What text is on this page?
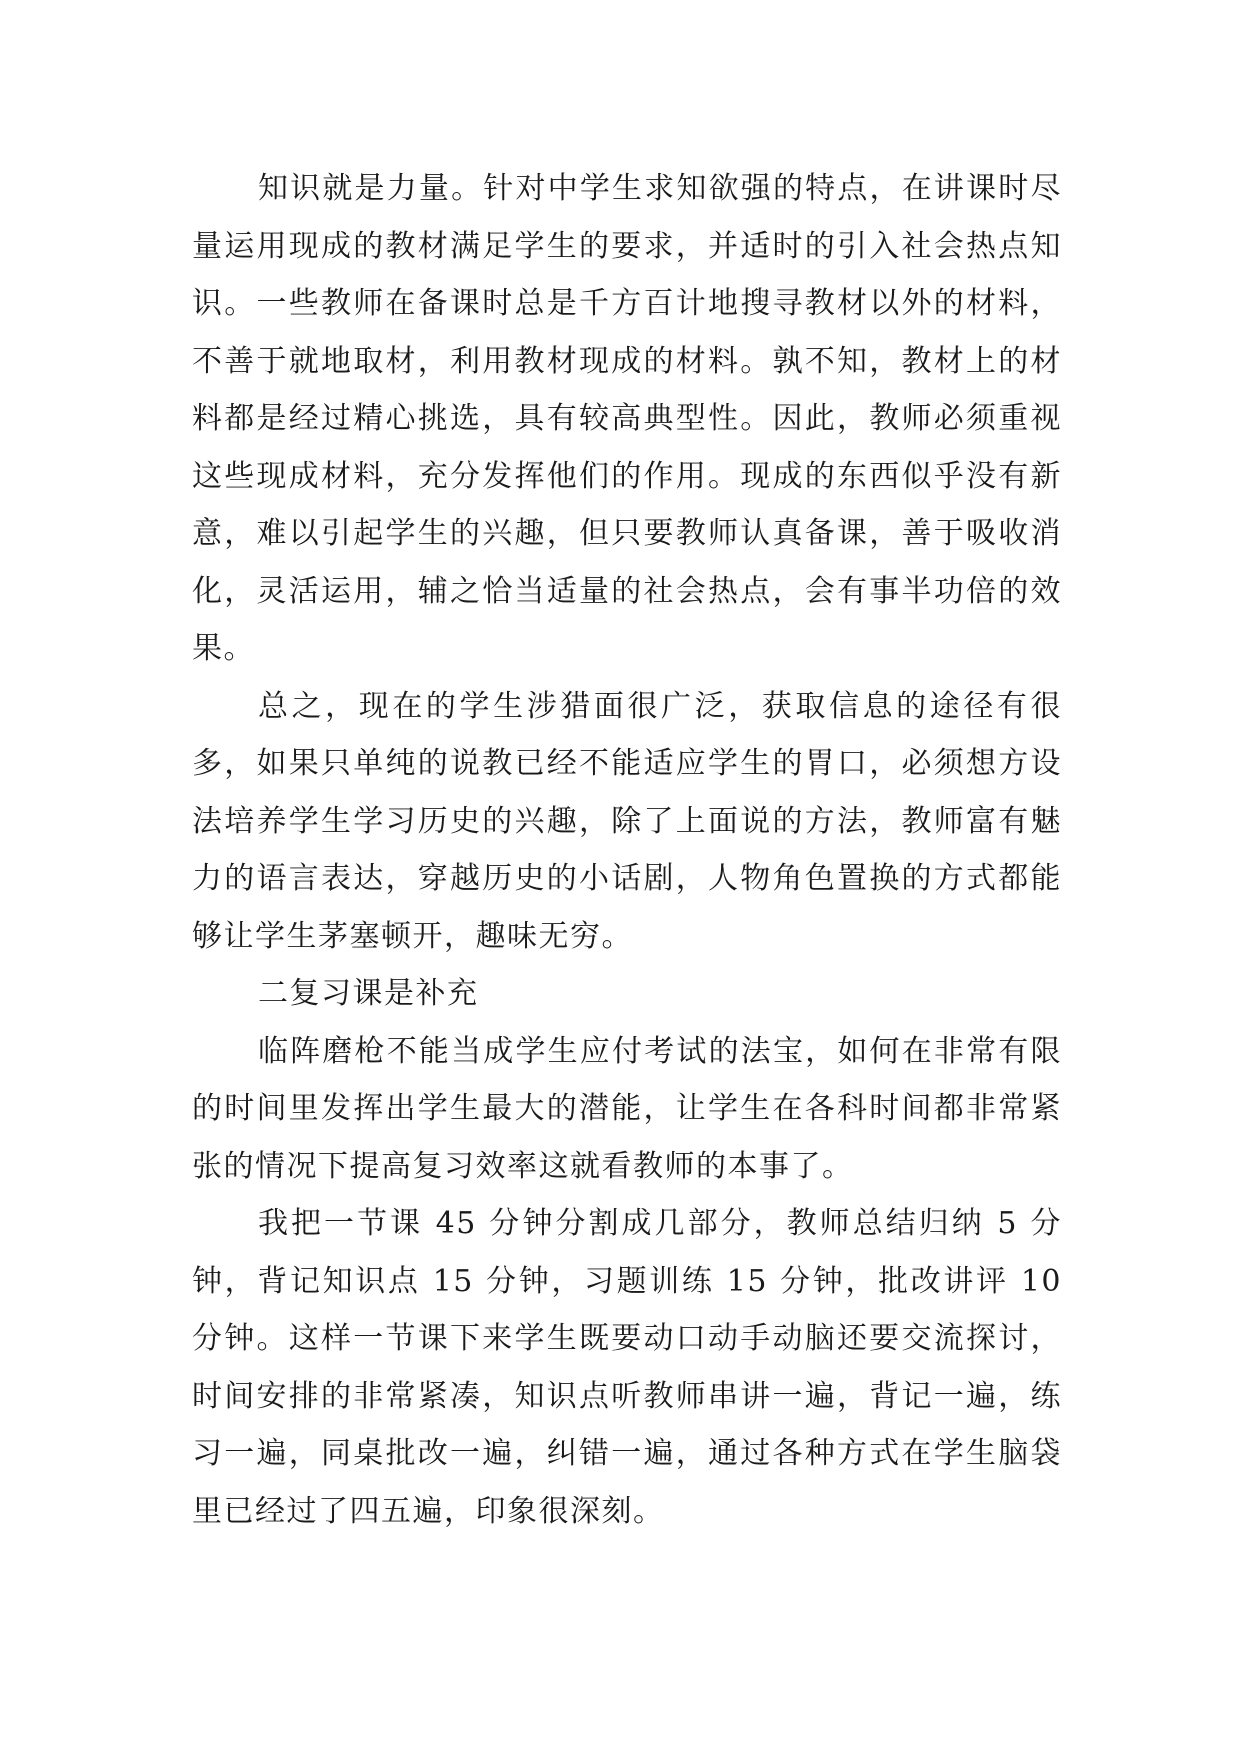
知识就是力量。针对中学生求知欲强的特点，在讲课时尽量运用现成的教材满足学生的要求，并适时的引入社会热点知识。一些教师在备课时总是千方百计地搜寻教材以外的材料，不善于就地取材，利用教材现成的材料。孰不知，教材上的材料都是经过精心挑选，具有较高典型性。因此，教师必须重视这些现成材料，充分发挥他们的作用。现成的东西似乎没有新意，难以引起学生的兴趣，但只要教师认真备课，善于吸收消化，灵活运用，辅之恰当适量的社会热点，会有事半功倍的效果。

总之，现在的学生涉猎面很广泛，获取信息的途径有很多，如果只单纯的说教已经不能适应学生的胃口，必须想方设法培养学生学习历史的兴趣，除了上面说的方法，教师富有魅力的语言表达，穿越历史的小话剧，人物角色置换的方式都能够让学生茅塞顿开，趣味无穷。

二复习课是补充

临阵磨枪不能当成学生应付考试的法宝，如何在非常有限的时间里发挥出学生最大的潜能，让学生在各科时间都非常紧张的情况下提高复习效率这就看教师的本事了。

我把一节课 45 分钟分割成几部分，教师总结归纳 5 分钟，背记知识点 15 分钟，习题训练 15 分钟，批改讲评 10 分钟。这样一节课下来学生既要动口动手动脑还要交流探讨，时间安排的非常紧凑，知识点听教师串讲一遍，背记一遍，练习一遍，同桌批改一遍，纠错一遍，通过各种方式在学生脑袋里已经过了四五遍，印象很深刻。
